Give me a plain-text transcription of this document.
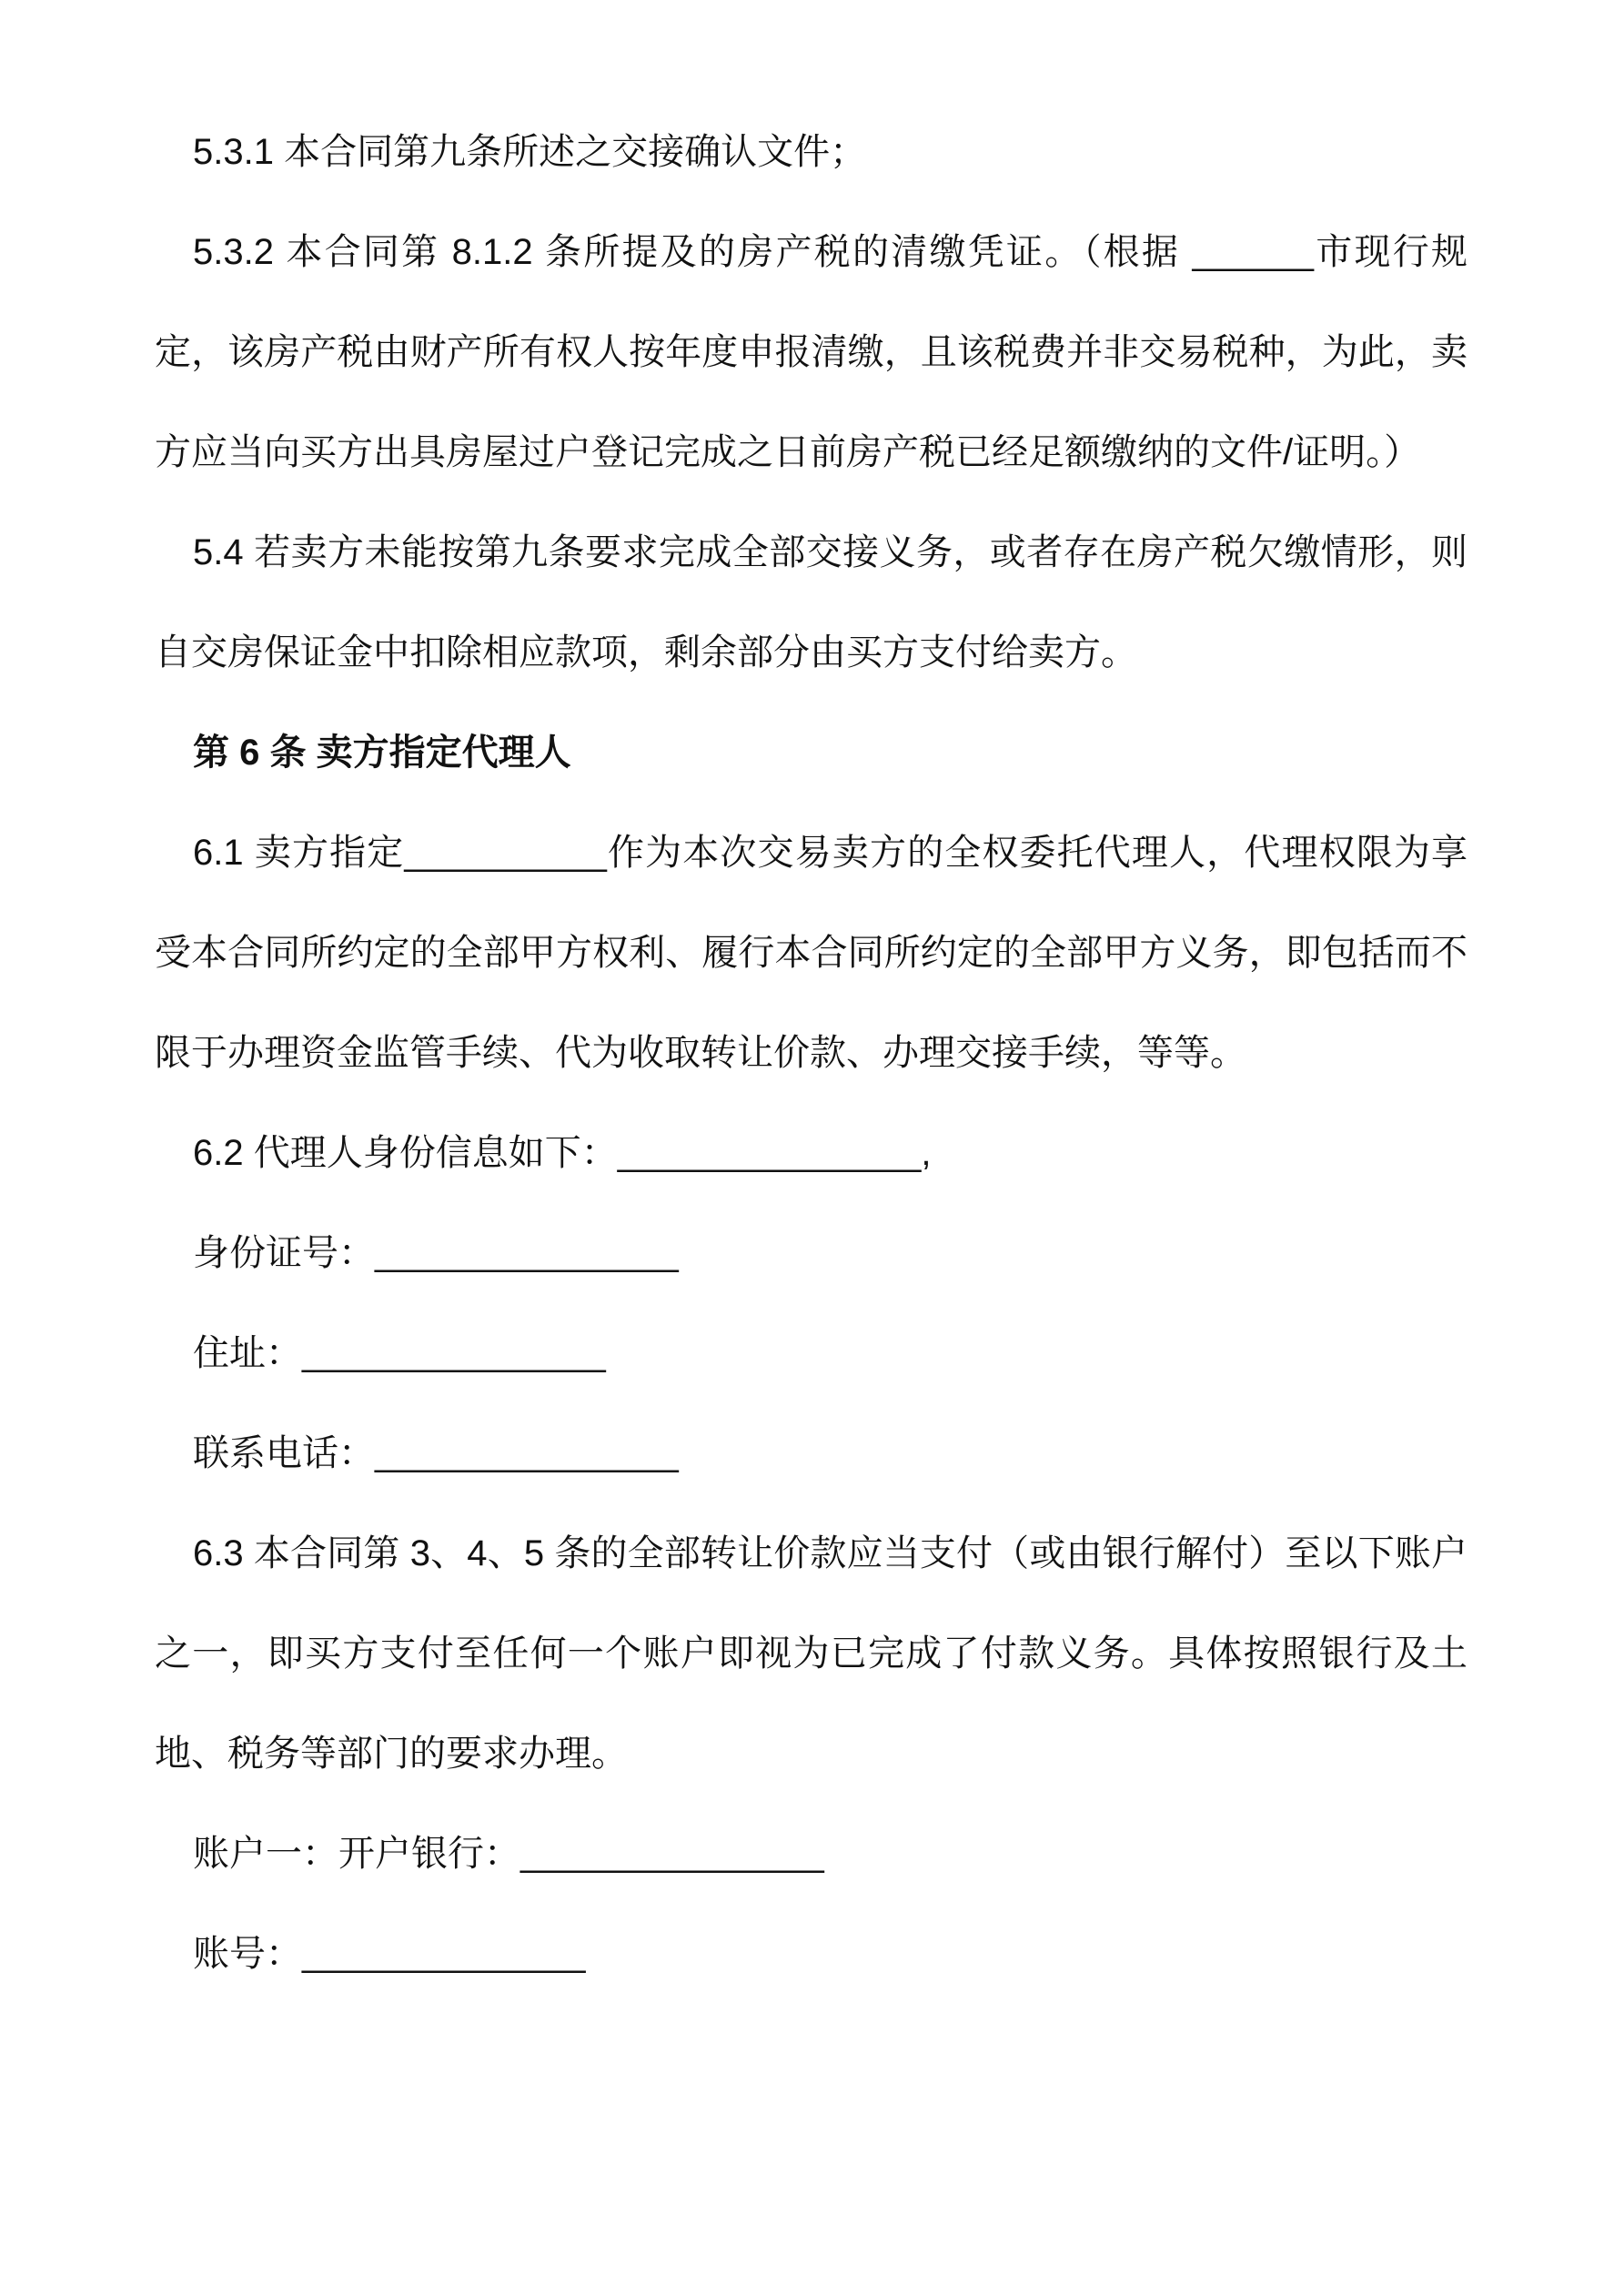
5.3.1 本合同第九条所述之交接确认文件；

5.3.2 本合同第 8.1.2 条所提及的房产税的清缴凭证。（根据 ______市现行规定，该房产税由财产所有权人按年度申报清缴，且该税费并非交易税种，为此，卖方应当向买方出具房屋过户登记完成之日前房产税已经足额缴纳的文件/证明。）

5.4 若卖方未能按第九条要求完成全部交接义务，或者存在房产税欠缴情形，则自交房保证金中扣除相应款项，剩余部分由买方支付给卖方。

第 6 条 卖方指定代理人

6.1 卖方指定__________作为本次交易卖方的全权委托代理人，代理权限为享受本合同所约定的全部甲方权利、履行本合同所约定的全部甲方义务，即包括而不限于办理资金监管手续、代为收取转让价款、办理交接手续，等等。

6.2 代理人身份信息如下：_______________,

身份证号：_______________

住址：_______________

联系电话：_______________

6.3 本合同第 3、4、5 条的全部转让价款应当支付（或由银行解付）至以下账户之一，即买方支付至任何一个账户即视为已完成了付款义务。具体按照银行及土地、税务等部门的要求办理。

账户一：开户银行：_______________

账号：______________
